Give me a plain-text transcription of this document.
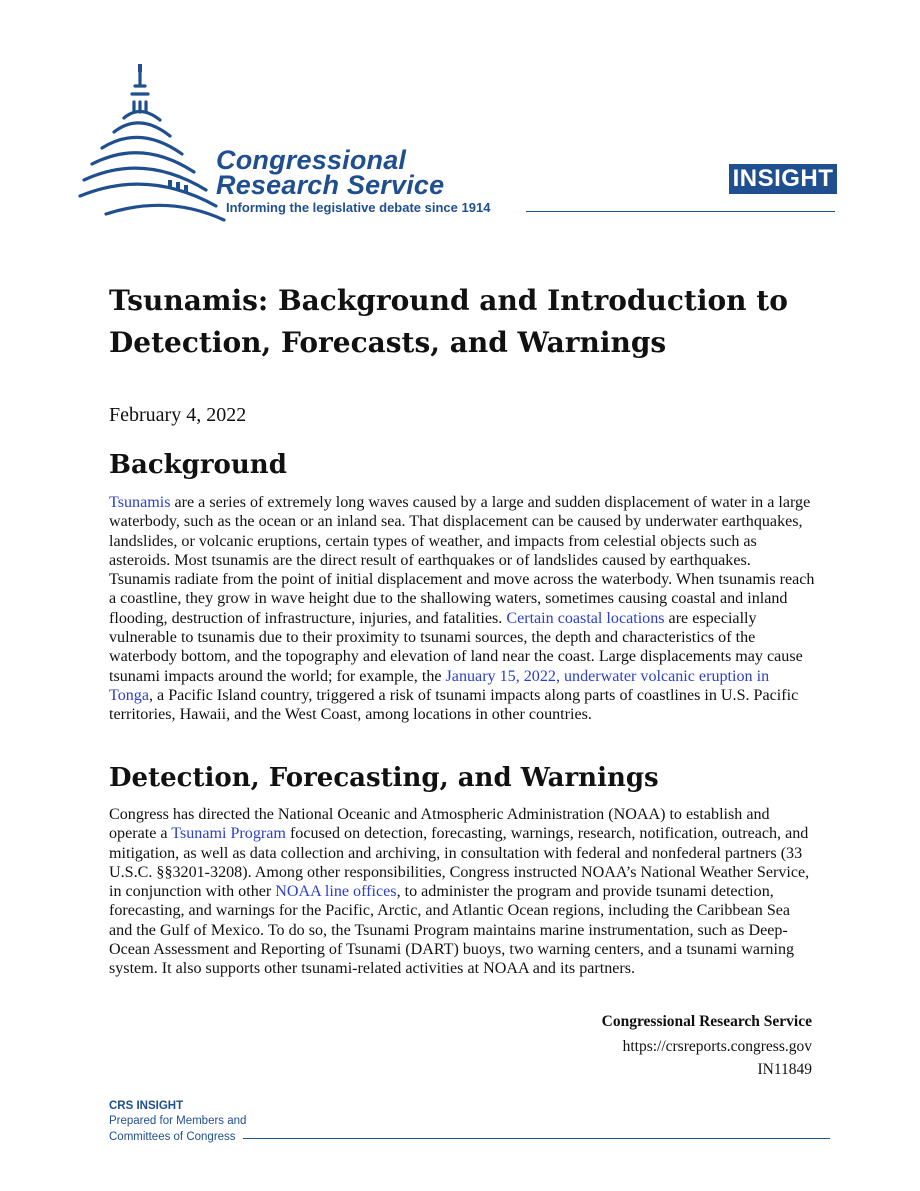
Congressional
Research Service
Informing the legislative debate since 1914
INSIGHT
Tsunamis: Background and Introduction to Detection, Forecasts, and Warnings

February 4, 2022

Background

Tsunamis are a series of extremely long waves caused by a large and sudden displacement of water in a large waterbody, such as the ocean or an inland sea. That displacement can be caused by underwater earthquakes, landslides, or volcanic eruptions, certain types of weather, and impacts from celestial objects such as asteroids. Most tsunamis are the direct result of earthquakes or of landslides caused by earthquakes. Tsunamis radiate from the point of initial displacement and move across the waterbody. When tsunamis reach a coastline, they grow in wave height due to the shallowing waters, sometimes causing coastal and inland flooding, destruction of infrastructure, injuries, and fatalities. Certain coastal locations are especially vulnerable to tsunamis due to their proximity to tsunami sources, the depth and characteristics of the waterbody bottom, and the topography and elevation of land near the coast. Large displacements may cause tsunami impacts around the world; for example, the January 15, 2022, underwater volcanic eruption in Tonga, a Pacific Island country, triggered a risk of tsunami impacts along parts of coastlines in U.S. Pacific territories, Hawaii, and the West Coast, among locations in other countries.

Detection, Forecasting, and Warnings

Congress has directed the National Oceanic and Atmospheric Administration (NOAA) to establish and operate a Tsunami Program focused on detection, forecasting, warnings, research, notification, outreach, and mitigation, as well as data collection and archiving, in consultation with federal and nonfederal partners (33 U.S.C. §§3201-3208). Among other responsibilities, Congress instructed NOAA’s National Weather Service, in conjunction with other NOAA line offices, to administer the program and provide tsunami detection, forecasting, and warnings for the Pacific, Arctic, and Atlantic Ocean regions, including the Caribbean Sea and the Gulf of Mexico. To do so, the Tsunami Program maintains marine instrumentation, such as Deep-Ocean Assessment and Reporting of Tsunami (DART) buoys, two warning centers, and a tsunami warning system. It also supports other tsunami-related activities at NOAA and its partners.

Congressional Research Service
https://crsreports.congress.gov
IN11849
CRS INSIGHT
Prepared for Members and
Committees of Congress
